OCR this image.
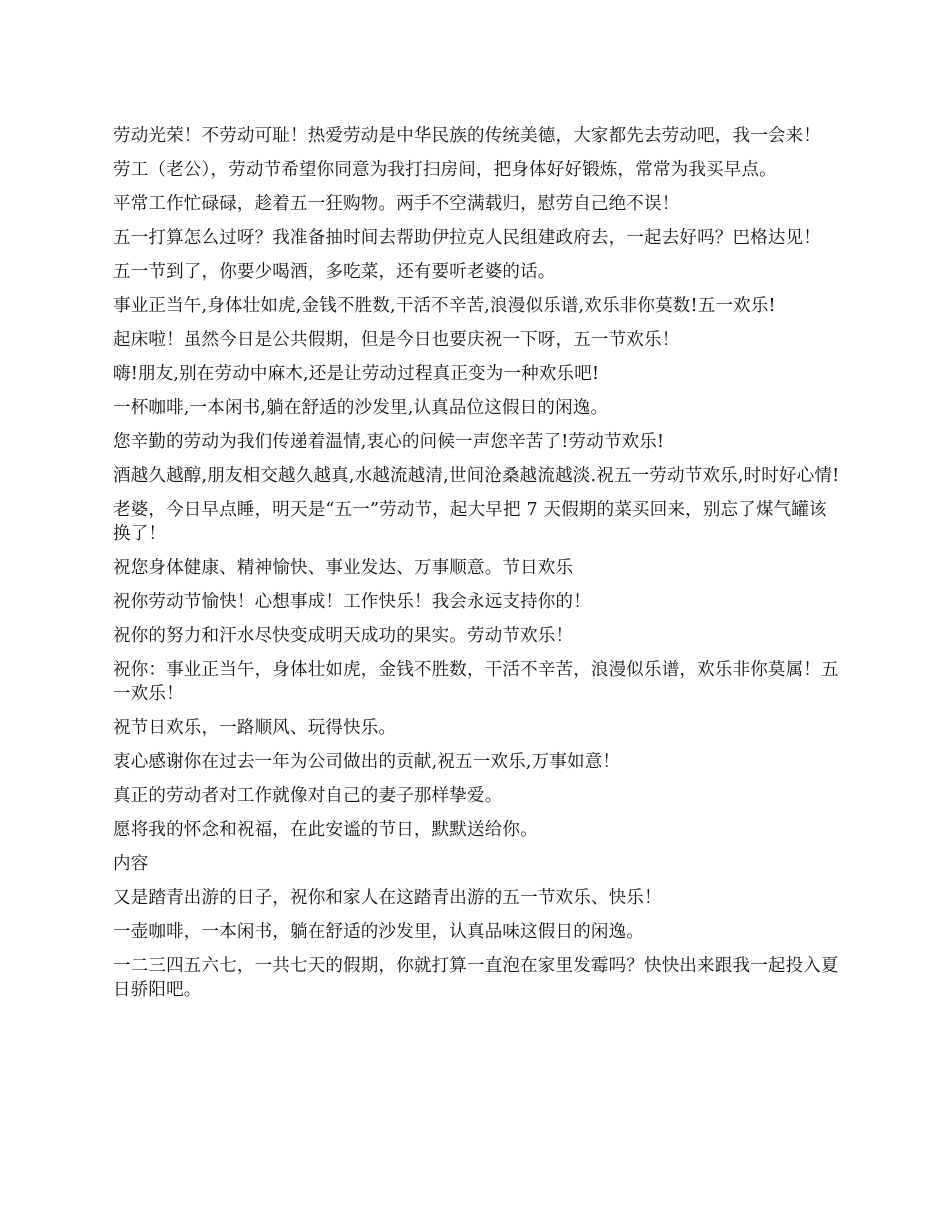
劳动光荣！不劳动可耻！热爱劳动是中华民族的传统美德，大家都先去劳动吧，我一会来！

劳工（老公），劳动节希望你同意为我打扫房间，把身体好好锻炼，常常为我买早点。

平常工作忙碌碌，趁着五一狂购物。两手不空满载归，慰劳自己绝不误！

五一打算怎么过呀？我准备抽时间去帮助伊拉克人民组建政府去，一起去好吗？巴格达见！

五一节到了，你要少喝酒，多吃菜，还有要听老婆的话。

事业正当午,身体壮如虎,金钱不胜数,干活不辛苦,浪漫似乐谱,欢乐非你莫数!五一欢乐!

起床啦！虽然今日是公共假期，但是今日也要庆祝一下呀，五一节欢乐！

嗨!朋友,别在劳动中麻木,还是让劳动过程真正变为一种欢乐吧!

一杯咖啡,一本闲书,躺在舒适的沙发里,认真品位这假日的闲逸。

您辛勤的劳动为我们传递着温情,衷心的问候一声您辛苦了!劳动节欢乐!

酒越久越醇,朋友相交越久越真,水越流越清,世间沧桑越流越淡.祝五一劳动节欢乐,时时好心情!

老婆，今日早点睡，明天是“五一”劳动节，起大早把 7 天假期的菜买回来，别忘了煤气罐该换了！

祝您身体健康、精神愉快、事业发达、万事顺意。节日欢乐

祝你劳动节愉快！心想事成！工作快乐！我会永远支持你的！

祝你的努力和汗水尽快变成明天成功的果实。劳动节欢乐！

祝你：事业正当午，身体壮如虎，金钱不胜数，干活不辛苦，浪漫似乐谱，欢乐非你莫属！五一欢乐！

祝节日欢乐，一路顺风、玩得快乐。

衷心感谢你在过去一年为公司做出的贡献,祝五一欢乐,万事如意！

真正的劳动者对工作就像对自己的妻子那样挚爱。

愿将我的怀念和祝福，在此安谧的节日，默默送给你。

内容

又是踏青出游的日子，祝你和家人在这踏青出游的五一节欢乐、快乐！

一壶咖啡，一本闲书，躺在舒适的沙发里，认真品味这假日的闲逸。

一二三四五六七，一共七天的假期，你就打算一直泡在家里发霉吗？快快出来跟我一起投入夏日骄阳吧。
